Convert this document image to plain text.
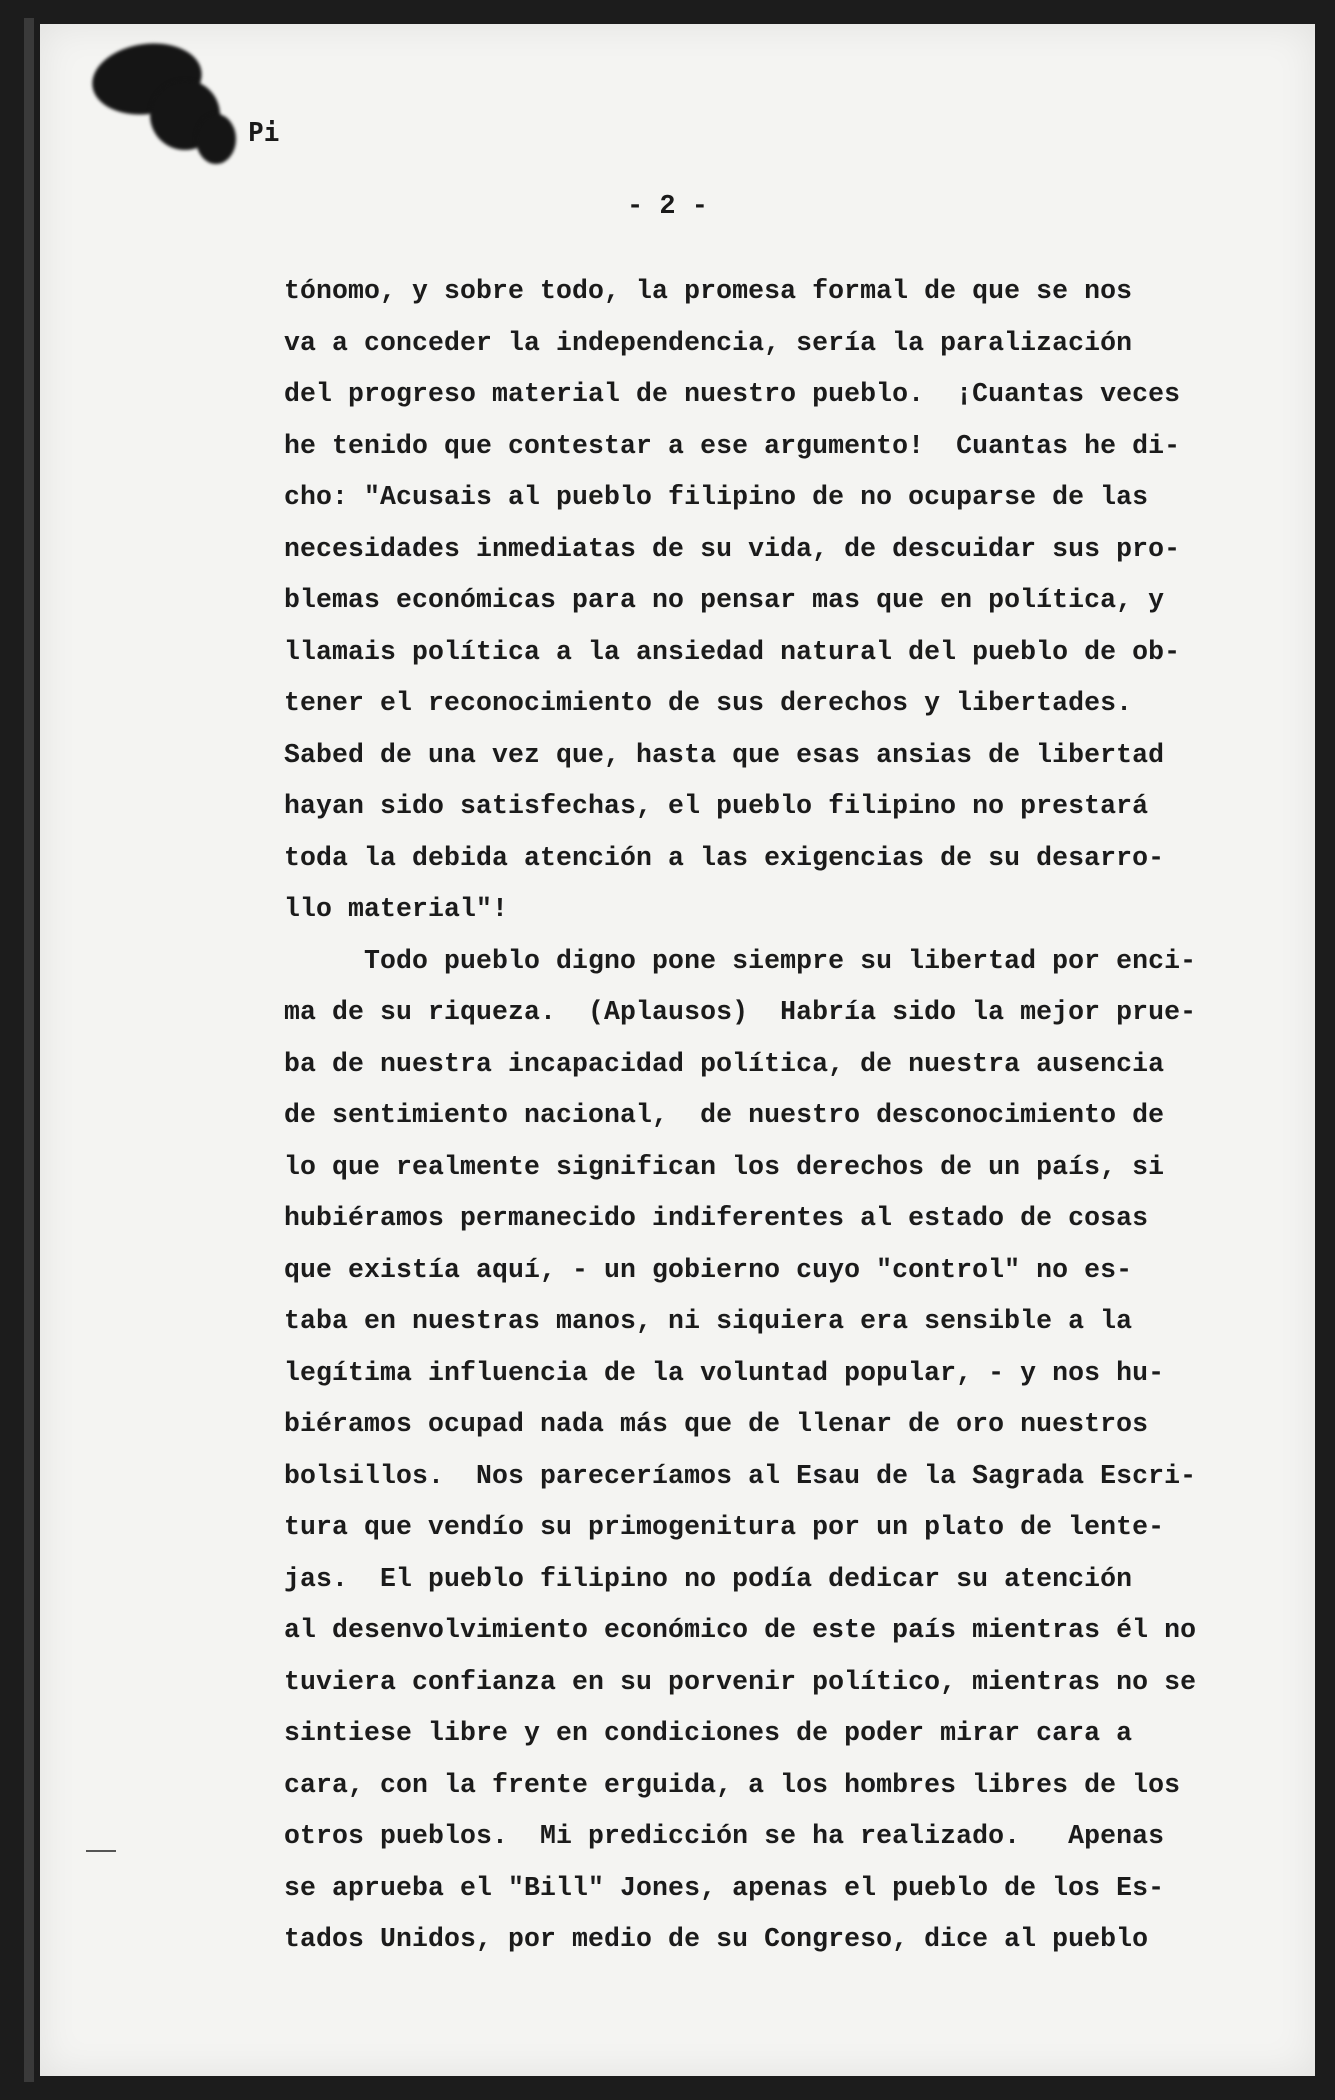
Pi
- 2 -
tónomo, y sobre todo, la promesa formal de que se nos
va a conceder la independencia, sería la paralización
del progreso material de nuestro pueblo.  ¡Cuantas veces
he tenido que contestar a ese argumento!  Cuantas he di-
cho: "Acusais al pueblo filipino de no ocuparse de las
necesidades inmediatas de su vida, de descuidar sus pro-
blemas económicas para no pensar mas que en política, y
llamais política a la ansiedad natural del pueblo de ob-
tener el reconocimiento de sus derechos y libertades.
Sabed de una vez que, hasta que esas ansias de libertad
hayan sido satisfechas, el pueblo filipino no prestará
toda la debida atención a las exigencias de su desarro-
llo material"!
Todo pueblo digno pone siempre su libertad por enci-
ma de su riqueza.  (Aplausos)  Habría sido la mejor prue-
ba de nuestra incapacidad política, de nuestra ausencia
de sentimiento nacional,  de nuestro desconocimiento de
lo que realmente significan los derechos de un país, si
hubiéramos permanecido indiferentes al estado de cosas
que existía aquí, - un gobierno cuyo "control" no es-
taba en nuestras manos, ni siquiera era sensible a la
legítima influencia de la voluntad popular, - y nos hu-
biéramos ocupad nada más que de llenar de oro nuestros
bolsillos.  Nos pareceríamos al Esau de la Sagrada Escri-
tura que vendío su primogenitura por un plato de lente-
jas.  El pueblo filipino no podía dedicar su atención
al desenvolvimiento económico de este país mientras él no
tuviera confianza en su porvenir político, mientras no se
sintiese libre y en condiciones de poder mirar cara a
cara, con la frente erguida, a los hombres libres de los
otros pueblos.  Mi predicción se ha realizado.   Apenas
se aprueba el "Bill" Jones, apenas el pueblo de los Es-
tados Unidos, por medio de su Congreso, dice al pueblo
